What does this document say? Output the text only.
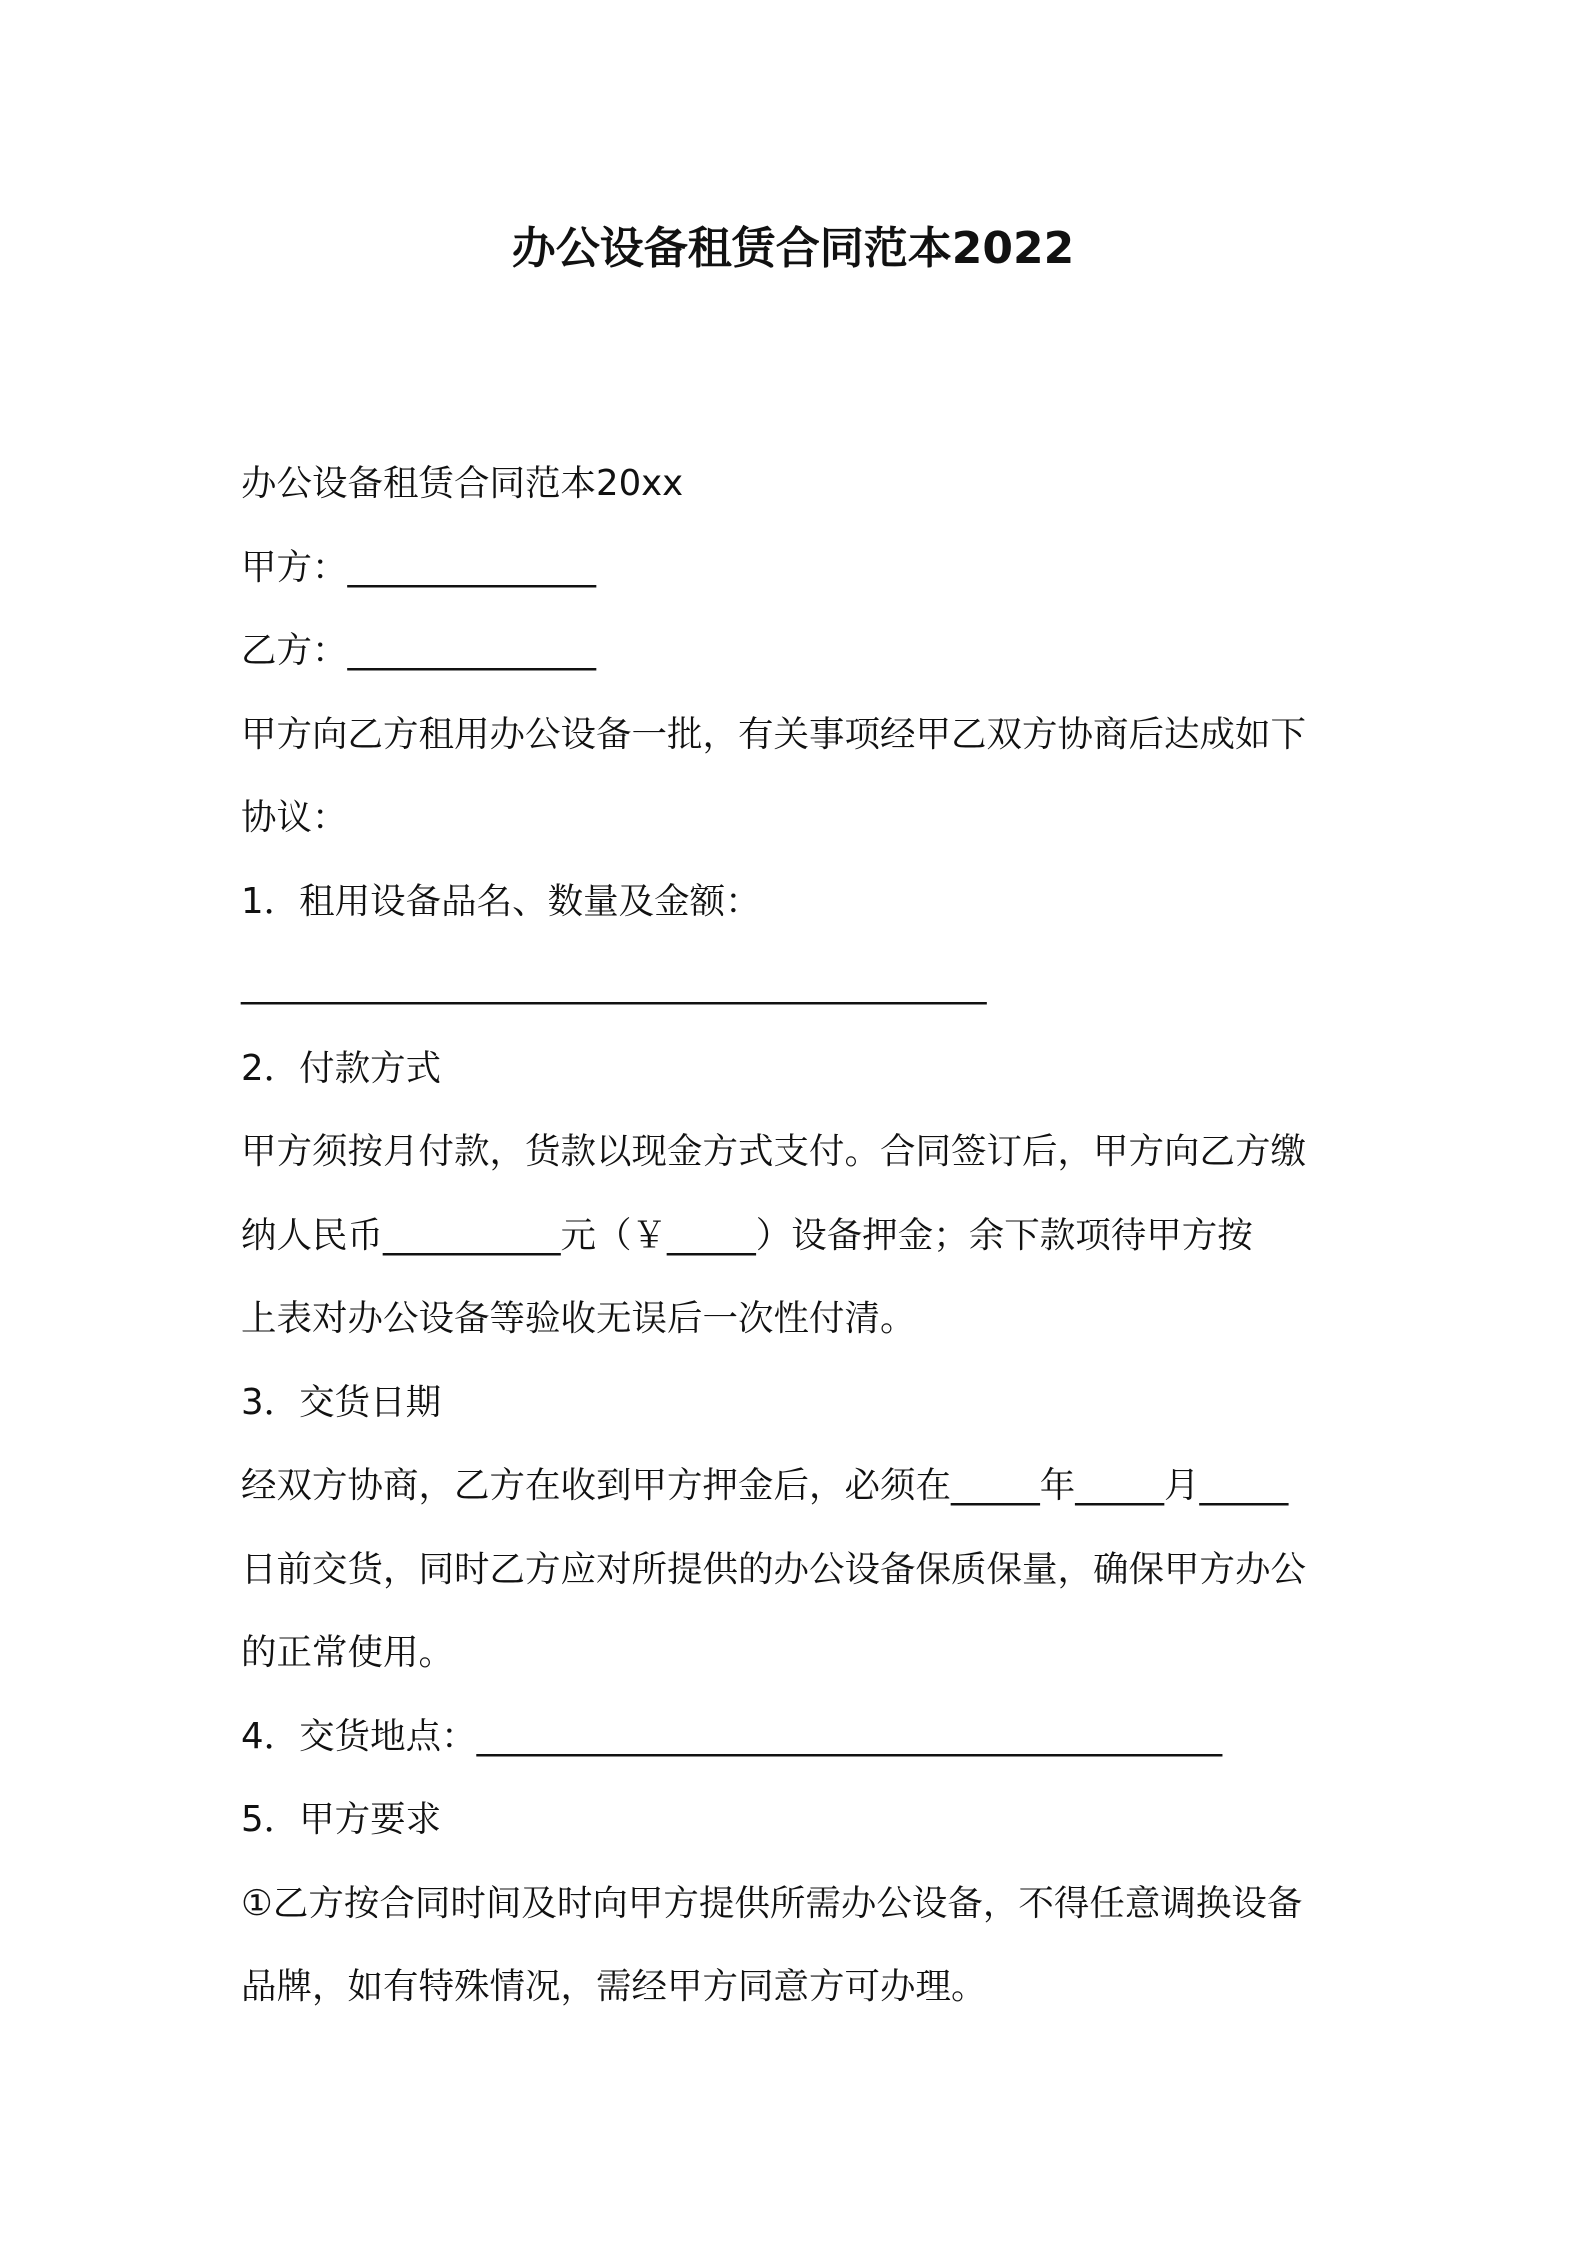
办公设备租赁合同范本2022
办公设备租赁合同范本20xx
甲方：______________
乙方：______________
甲方向乙方租用办公设备一批，有关事项经甲乙双方协商后达成如下
协议：
1．租用设备品名、数量及金额：
__________________________________________
2．付款方式
甲方须按月付款，货款以现金方式支付。合同签订后，甲方向乙方缴
纳人民币__________元（￥_____）设备押金；余下款项待甲方按
上表对办公设备等验收无误后一次性付清。
3．交货日期
经双方协商，乙方在收到甲方押金后，必须在_____年_____月_____
日前交货，同时乙方应对所提供的办公设备保质保量，确保甲方办公
的正常使用。
4．交货地点：__________________________________________
5．甲方要求
①乙方按合同时间及时向甲方提供所需办公设备，不得任意调换设备
品牌，如有特殊情况，需经甲方同意方可办理。
